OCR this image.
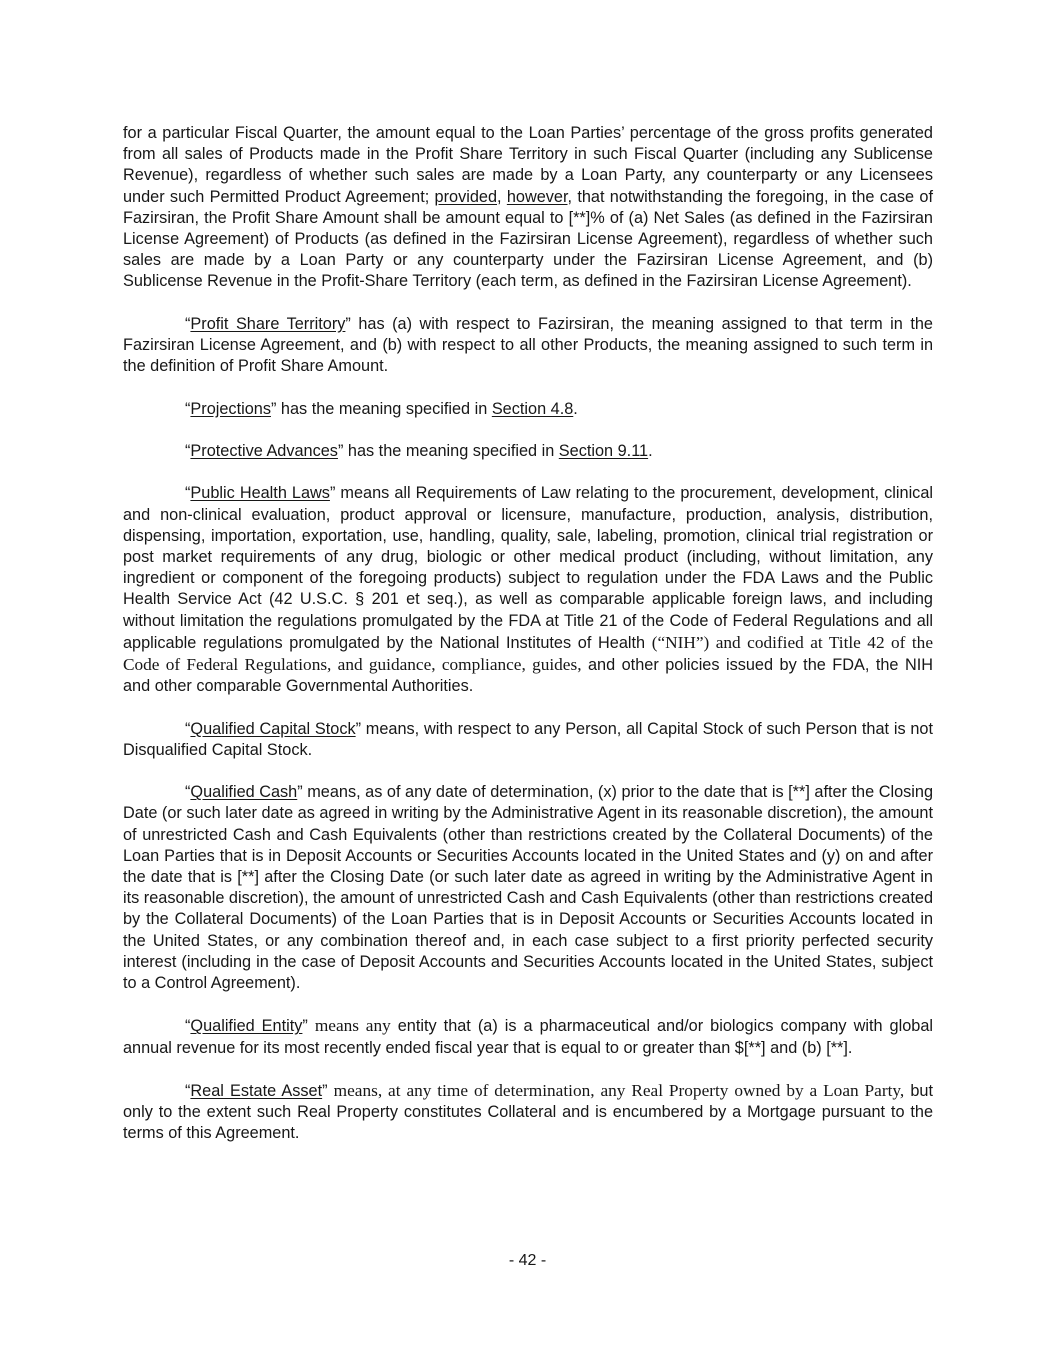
for a particular Fiscal Quarter, the amount equal to the Loan Parties’ percentage of the gross profits generated from all sales of Products made in the Profit Share Territory in such Fiscal Quarter (including any Sublicense Revenue), regardless of whether such sales are made by a Loan Party, any counterparty or any Licensees under such Permitted Product Agreement; provided, however, that notwithstanding the foregoing, in the case of Fazirsiran, the Profit Share Amount shall be amount equal to [**]% of (a) Net Sales (as defined in the Fazirsiran License Agreement) of Products (as defined in the Fazirsiran License Agreement), regardless of whether such sales are made by a Loan Party or any counterparty under the Fazirsiran License Agreement, and (b) Sublicense Revenue in the Profit-Share Territory (each term, as defined in the Fazirsiran License Agreement).

“Profit Share Territory” has (a) with respect to Fazirsiran, the meaning assigned to that term in the Fazirsiran License Agreement, and (b) with respect to all other Products, the meaning assigned to such term in the definition of Profit Share Amount.

“Projections” has the meaning specified in Section 4.8.

“Protective Advances” has the meaning specified in Section 9.11.

“Public Health Laws” means all Requirements of Law relating to the procurement, development, clinical and non-clinical evaluation, product approval or licensure, manufacture, production, analysis, distribution, dispensing, importation, exportation, use, handling, quality, sale, labeling, promotion, clinical trial registration or post market requirements of any drug, biologic or other medical product (including, without limitation, any ingredient or component of the foregoing products) subject to regulation under the FDA Laws and the Public Health Service Act (42 U.S.C. § 201 et seq.), as well as comparable applicable foreign laws, and including without limitation the regulations promulgated by the FDA at Title 21 of the Code of Federal Regulations and all applicable regulations promulgated by the National Institutes of Health (“NIH”) and codified at Title 42 of the Code of Federal Regulations, and guidance, compliance, guides, and other policies issued by the FDA, the NIH and other comparable Governmental Authorities.

“Qualified Capital Stock” means, with respect to any Person, all Capital Stock of such Person that is not Disqualified Capital Stock.

“Qualified Cash” means, as of any date of determination, (x) prior to the date that is [**] after the Closing Date (or such later date as agreed in writing by the Administrative Agent in its reasonable discretion), the amount of unrestricted Cash and Cash Equivalents (other than restrictions created by the Collateral Documents) of the Loan Parties that is in Deposit Accounts or Securities Accounts located in the United States and (y) on and after the date that is [**] after the Closing Date (or such later date as agreed in writing by the Administrative Agent in its reasonable discretion), the amount of unrestricted Cash and Cash Equivalents (other than restrictions created by the Collateral Documents) of the Loan Parties that is in Deposit Accounts or Securities Accounts located in the United States, or any combination thereof and, in each case subject to a first priority perfected security interest (including in the case of Deposit Accounts and Securities Accounts located in the United States, subject to a Control Agreement).

“Qualified Entity” means any entity that (a) is a pharmaceutical and/or biologics company with global annual revenue for its most recently ended fiscal year that is equal to or greater than $[**] and (b) [**].

“Real Estate Asset” means, at any time of determination, any Real Property owned by a Loan Party, but only to the extent such Real Property constitutes Collateral and is encumbered by a Mortgage pursuant to the terms of this Agreement.

- 42 -
